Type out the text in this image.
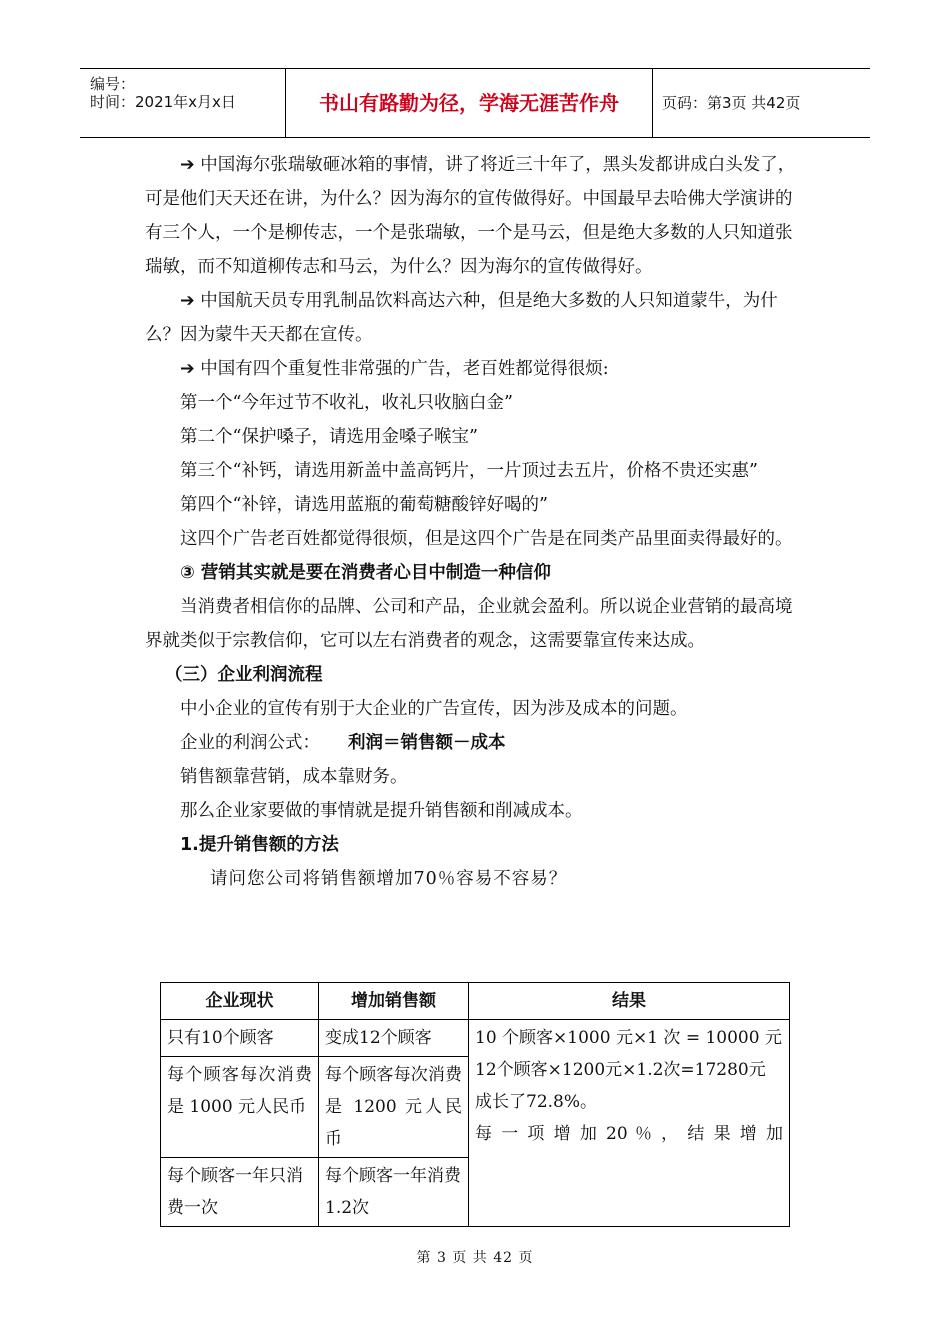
编号：
时间：2021年x月x日	书山有路勤为径，学海无涯苦作舟	页码：第3页 共42页

➔ 中国海尔张瑞敏砸冰箱的事情，讲了将近三十年了，黑头发都讲成白头发了，可是他们天天还在讲，为什么？因为海尔的宣传做得好。中国最早去哈佛大学演讲的有三个人，一个是柳传志，一个是张瑞敏，一个是马云，但是绝大多数的人只知道张瑞敏，而不知道柳传志和马云，为什么？因为海尔的宣传做得好。

➔ 中国航天员专用乳制品饮料高达六种，但是绝大多数的人只知道蒙牛，为什么？因为蒙牛天天都在宣传。

➔ 中国有四个重复性非常强的广告，老百姓都觉得很烦:

第一个“今年过节不收礼，收礼只收脑白金”

第二个“保护嗓子，请选用金嗓子喉宝”

第三个“补钙，请选用新盖中盖高钙片，一片顶过去五片，价格不贵还实惠”

第四个“补锌，请选用蓝瓶的葡萄糖酸锌好喝的”

这四个广告老百姓都觉得很烦，但是这四个广告是在同类产品里面卖得最好的。

③ 营销其实就是要在消费者心目中制造一种信仰

当消费者相信你的品牌、公司和产品，企业就会盈利。所以说企业营销的最高境界就类似于宗教信仰，它可以左右消费者的观念，这需要靠宣传来达成。

（三）企业利润流程

中小企业的宣传有别于大企业的广告宣传，因为涉及成本的问题。

企业的利润公式： 利润＝销售额－成本

销售额靠营销，成本靠财务。

那么企业家要做的事情就是提升销售额和削减成本。

1.提升销售额的方法

请问您公司将销售额增加70％容易不容易？

企业现状	增加销售额	结果
只有10个顾客	变成12个顾客	10 个顾客×1000 元×1 次 = 10000 元
12个顾客×1200元×1.2次=17280元
成长了72.8%。
每 一 项 增 加 20 ％ ， 结 果 增 加

每个顾客每次消费是 1000 元人民币	每个顾客每次消费是 1200 元人民币	
每个顾客一年只消费一次	每个顾客一年消费1.2次	
第 3 页 共 42 页
